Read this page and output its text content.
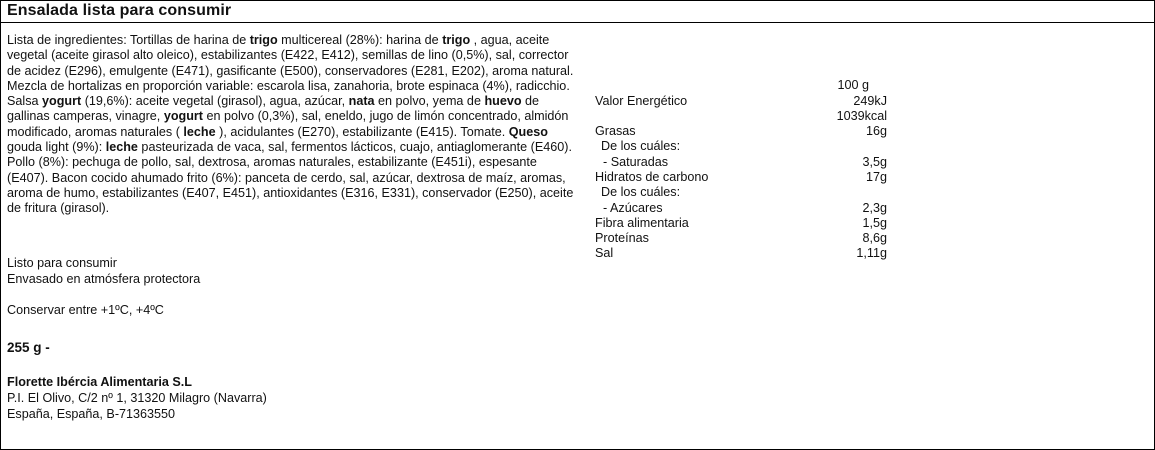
Ensalada lista para consumir

Lista de ingredientes: Tortillas de harina de trigo multicereal (28%): harina de trigo , agua, aceite vegetal (aceite girasol alto oleico), estabilizantes (E422, E412), semillas de lino (0,5%), sal, corrector de acidez (E296), emulgente (E471), gasificante (E500), conservadores (E281, E202), aroma natural. Mezcla de hortalizas en proporción variable: escarola lisa, zanahoria, brote espinaca (4%), radicchio. Salsa yogurt (19,6%): aceite vegetal (girasol), agua, azúcar, nata en polvo, yema de huevo de gallinas camperas, vinagre, yogurt en polvo (0,3%), sal, eneldo, jugo de limón concentrado, almidón modificado, aromas naturales ( leche ), acidulantes (E270), estabilizante (E415). Tomate. Queso gouda light (9%): leche pasteurizada de vaca, sal, fermentos lácticos, cuajo, antiaglomerante (E460). Pollo (8%): pechuga de pollo, sal, dextrosa, aromas naturales, estabilizante (E451i), espesante (E407). Bacon cocido ahumado frito (6%): panceta de cerdo, sal, azúcar, dextrosa de maíz, aromas, aroma de humo, estabilizantes (E407, E451), antioxidantes (E316, E331), conservador (E250), aceite de fritura (girasol).

Listo para consumir
Envasado en atmósfera protectora
Conservar entre +1ºC, +4ºC
255 g -
Florette Ibércia Alimentaria S.L
P.I. El Olivo, C/2 nº 1, 31320 Milagro (Navarra)
España, España, B-71363550
100 g
Valor Energético	249kJ
1039kcal
Grasas	16g
De los cuáles:
- Saturadas	3,5g
Hidratos de carbono	17g
De los cuáles:
- Azúcares	2,3g
Fibra alimentaria	1,5g
Proteínas	8,6g
Sal	1,11g
